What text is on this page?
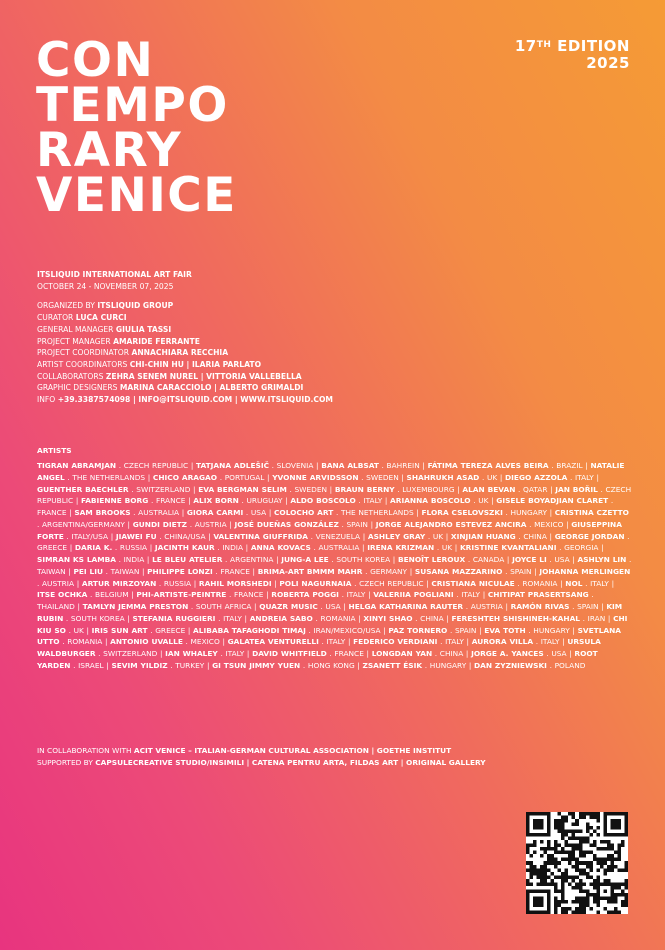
CON
TEMPO
RARY
VENICE
17TH EDITION
2025
ITSLIQUID INTERNATIONAL ART FAIR
OCTOBER 24 - NOVEMBER 07, 2025
ORGANIZED BY ITSLIQUID GROUP
CURATOR LUCA CURCI
GENERAL MANAGER GIULIA TASSI
PROJECT MANAGER AMARIDE FERRANTE
PROJECT COORDINATOR ANNACHIARA RECCHIA
ARTIST COORDINATORS CHI-CHIN HU | ILARIA PARLATO
COLLABORATORS ZEHRA SENEM NUREL | VITTORIA VALLEBELLA
GRAPHIC DESIGNERS MARINA CARACCIOLO | ALBERTO GRIMALDI
INFO +39.3387574098 | INFO@ITSLIQUID.COM | WWW.ITSLIQUID.COM
ARTISTS
TIGRAN ABRAMJAN . CZECH REPUBLIC | TATJANA ADLEŠIČ . SLOVENIA | BANA ALBSAT . BAHREIN | FÁTIMA TEREZA ALVES BEIRA . BRAZIL | NATALIE ANGEL . THE NETHERLANDS | CHICO ARAGAO . PORTUGAL | YVONNE ARVIDSSON . SWEDEN | SHAHRUKH ASAD . UK | DIEGO AZZOLA . ITALY | GUENTHER BAECHLER . SWITZERLAND | EVA BERGMAN SELIM . SWEDEN | BRAUN BERNY . LUXEMBOURG | ALAN BEVAN . QATAR | JAN BOŘIL . CZECH REPUBLIC | FABIENNE BORG . FRANCE | ALIX BORN . URUGUAY | ALDO BOSCOLO . ITALY | ARIANNA BOSCOLO . UK | GISELE BOYADJIAN CLARET . FRANCE | SAM BROOKS . AUSTRALIA | GIORA CARMI . USA | COLOCHO ART . THE NETHERLANDS | FLORA CSELOVSZKI . HUNGARY | CRISTINA CZETTO . ARGENTINA/GERMANY | GUNDI DIETZ . AUSTRIA | JOSÉ DUEÑAS GONZÁLEZ . SPAIN | JORGE ALEJANDRO ESTEVEZ ANCIRA . MEXICO | GIUSEPPINA FORTE . ITALY/USA | JIAWEI FU . CHINA/USA | VALENTINA GIUFFRIDA . VENEZUELA | ASHLEY GRAY . UK | XINJIAN HUANG . CHINA | GEORGE JORDAN . GREECE | DARIA K. . RUSSIA | JACINTH KAUR . INDIA | ANNA KOVACS . AUSTRALIA | IRENA KRIZMAN . UK | KRISTINE KVANTALIANI . GEORGIA | SIMRAN KS LAMBA . INDIA | LE BLEU ATELIER . ARGENTINA | JUNG-A LEE . SOUTH KOREA | BENOÎT LEROUX . CANADA | JOYCE LI . USA | ASHLYN LIN . TAIWAN | PEI LIU . TAIWAN | PHILIPPE LONZI . FRANCE | BRIMA-ART BMMM MAHR . GERMANY | SUSANA MAZZARINO . SPAIN | JOHANNA MERLINGEN . AUSTRIA | ARTUR MIRZOYAN . RUSSIA | RAHIL MORSHEDI | POLI NAGURNAIA . CZECH REPUBLIC | CRISTIANA NICULAE . ROMANIA | NOL . ITALY | ITSE OCHKA . BELGIUM | PHI-ARTISTE-PEINTRE . FRANCE | ROBERTA POGGI . ITALY | VALERIIA POGLIANI . ITALY | CHITIPAT PRASERTSANG . THAILAND | TAMLYN JEMMA PRESTON . SOUTH AFRICA | QUAZR MUSIC . USA | HELGA KATHARINA RAUTER . AUSTRIA | RAMÓN RIVAS . SPAIN | KIM RUBIN . SOUTH KOREA | STEFANIA RUGGIERI . ITALY | ANDREIA SABO . ROMANIA | XINYI SHAO . CHINA | FERESHTEH SHISHINEH-KAHAL . IRAN | CHI KIU SO . UK | IRIS SUN ART . GREECE | ALIBABA TAFAGHODI TIMAJ . IRAN/MEXICO/USA | PAZ TORNERO . SPAIN | EVA TOTH . HUNGARY | SVETLANA UTTO . ROMANIA | ANTONIO UVALLE . MEXICO | GALATEA VENTURELLI . ITALY | FEDERICO VERDIANI . ITALY | AURORA VILLA . ITALY | URSULA WALDBURGER . SWITZERLAND | IAN WHALEY . ITALY | DAVID WHITFIELD . FRANCE | LONGDAN YAN . CHINA | JORGE A. YANCES . USA | ROOT YARDEN . ISRAEL | SEVIM YILDIZ . TURKEY | GI TSUN JIMMY YUEN . HONG KONG | ZSANETT ÉSIK . HUNGARY | DAN ZYZNIEWSKI . POLAND
IN COLLABORATION WITH ACIT VENICE – ITALIAN-GERMAN CULTURAL ASSOCIATION | GOETHE INSTITUT
SUPPORTED BY CAPSULECREATIVE STUDIO/INSIMILI | CATENA PENTRU ARTA, FILDAS ART | ORIGINAL GALLERY
